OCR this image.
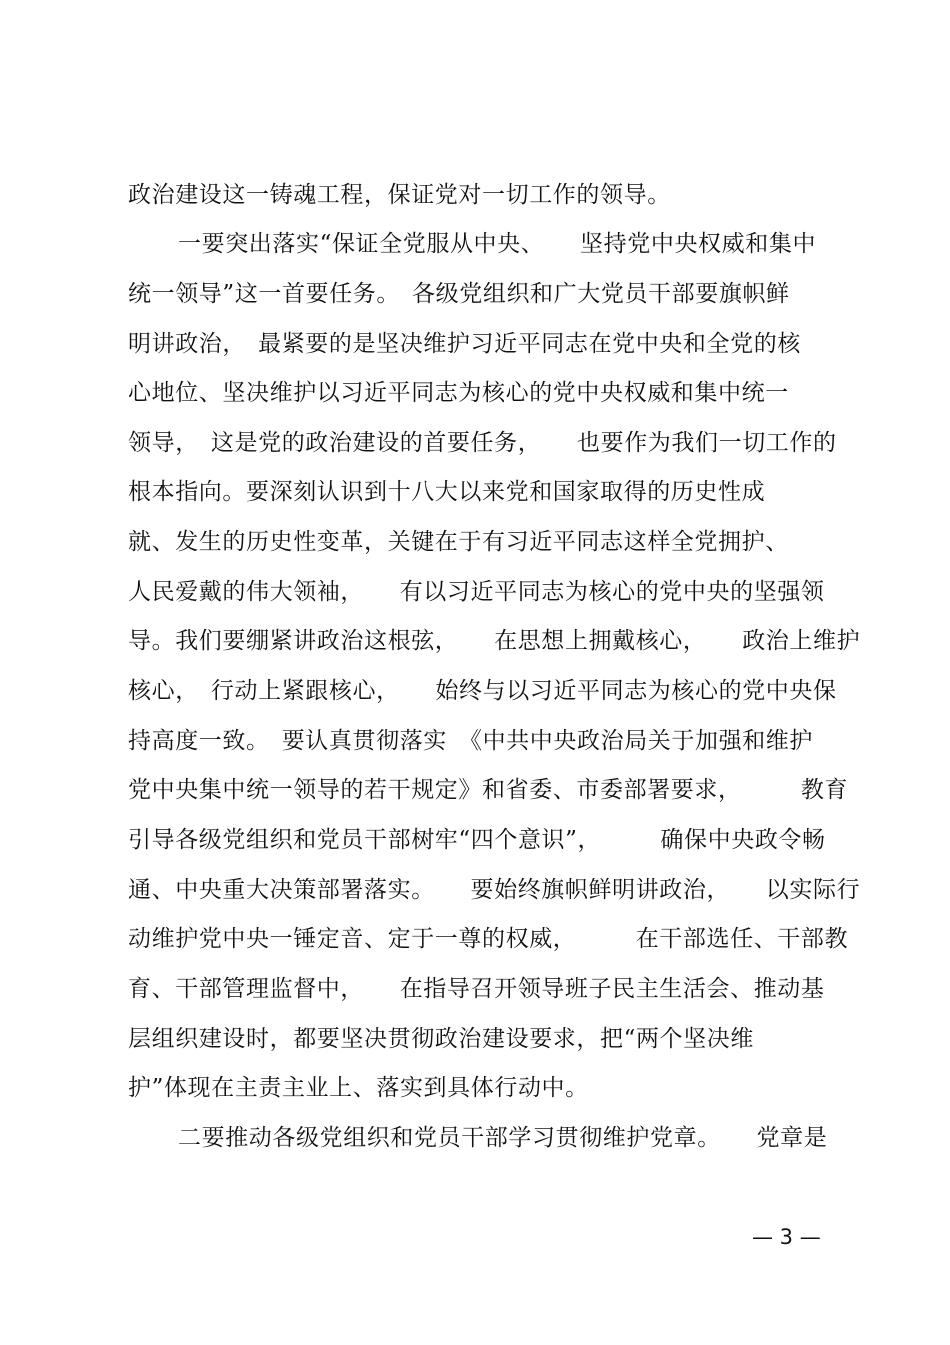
政治建设这一铸魂工程，保证党对一切工作的领导。

一要突出落实“保证全党服从中央、　　坚持党中央权威和集中

统一领导”这一首要任务。　各级党组织和广大党员干部要旗帜鲜

明讲政治，　最紧要的是坚决维护习近平同志在党中央和全党的核

心地位、坚决维护以习近平同志为核心的党中央权威和集中统一

领导，　这是党的政治建设的首要任务，　　也要作为我们一切工作的

根本指向。要深刻认识到十八大以来党和国家取得的历史性成

就、发生的历史性变革，关键在于有习近平同志这样全党拥护、

人民爱戴的伟大领袖，　　有以习近平同志为核心的党中央的坚强领

导。我们要绷紧讲政治这根弦，　　在思想上拥戴核心，　　政治上维护

核心，　行动上紧跟核心，　　始终与以习近平同志为核心的党中央保

持高度一致。　要认真贯彻落实　《中共中央政治局关于加强和维护

党中央集中统一领导的若干规定》和省委、市委部署要求，　　　教育

引导各级党组织和党员干部树牢“四个意识”，　　　确保中央政令畅

通、中央重大决策部署落实。　　要始终旗帜鲜明讲政治，　　以实际行

动维护党中央一锤定音、定于一尊的权威，　　　在干部选任、干部教

育、干部管理监督中，　　在指导召开领导班子民主生活会、推动基

层组织建设时，都要坚决贯彻政治建设要求，把“两个坚决维

护”体现在主责主业上、落实到具体行动中。

二要推动各级党组织和党员干部学习贯彻维护党章。　　党章是

— 3 —
